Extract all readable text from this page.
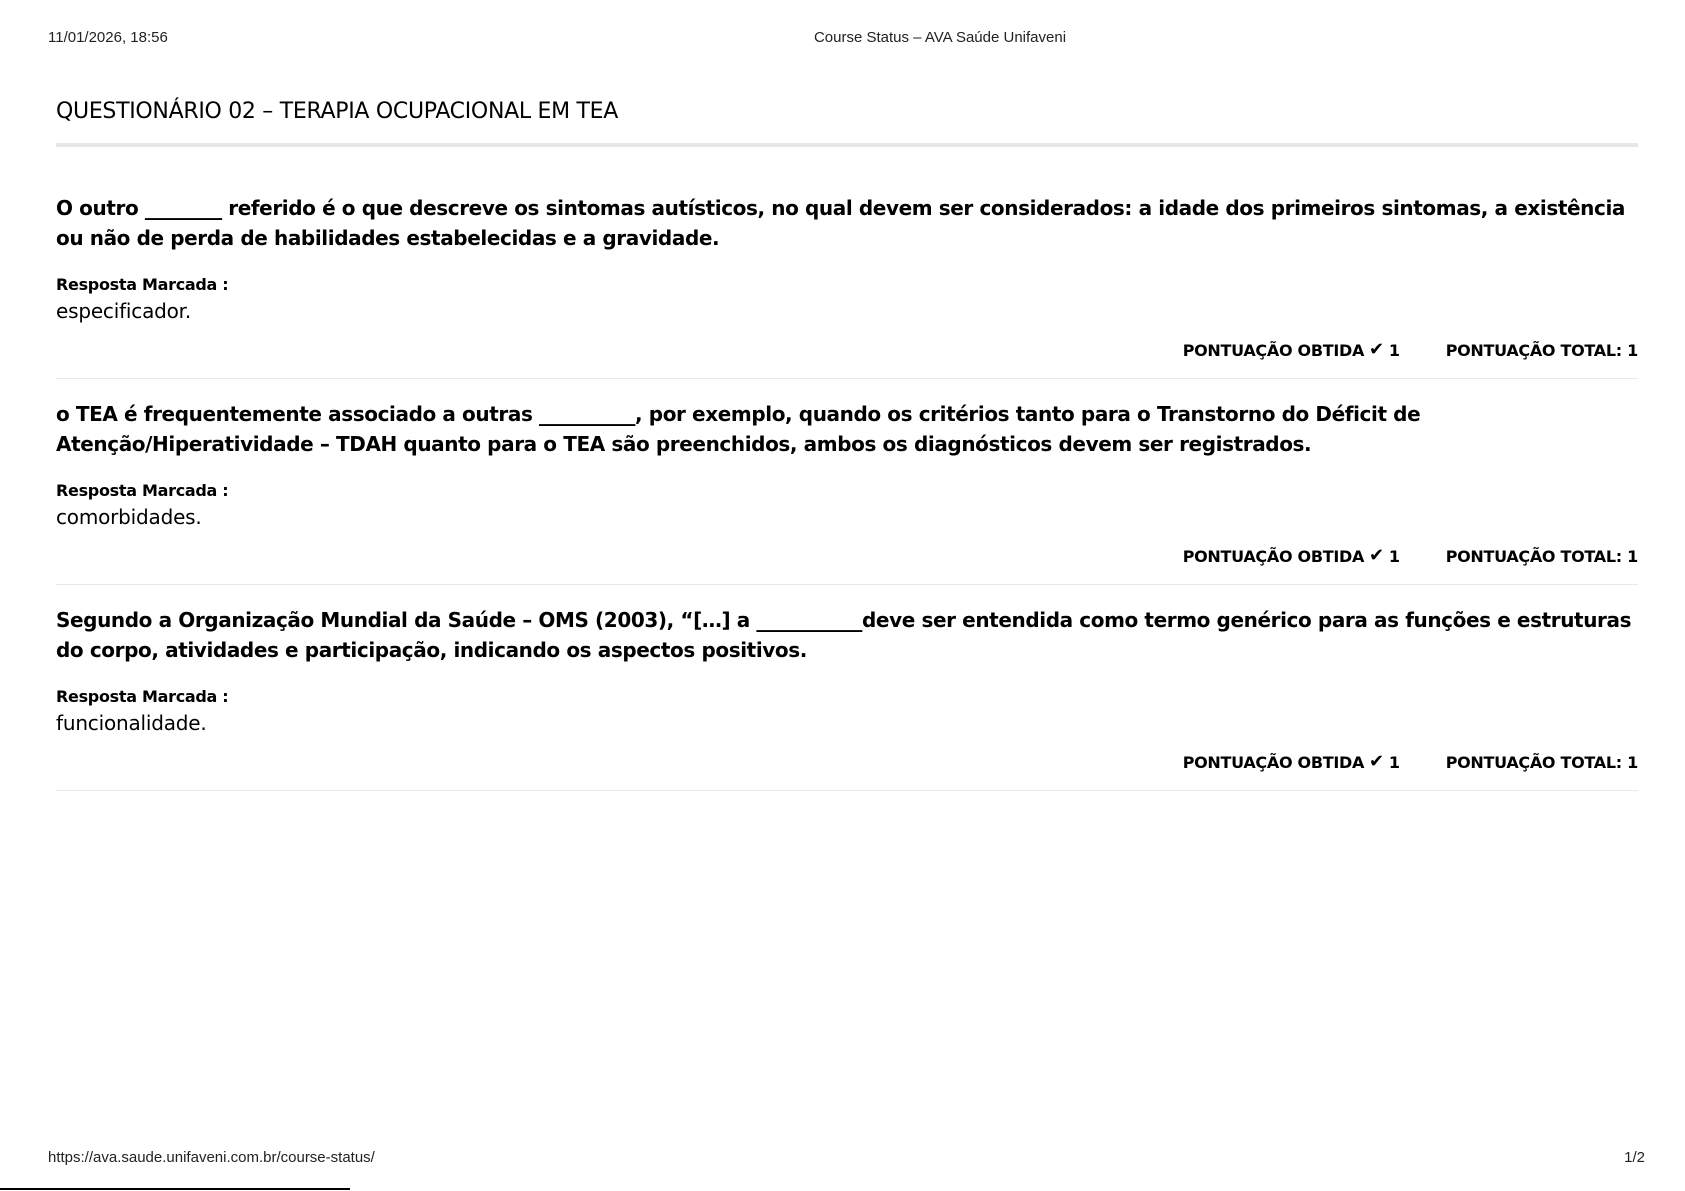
11/01/2026, 18:56	Course Status – AVA Saúde Unifaveni
QUESTIONÁRIO 02 – TERAPIA OCUPACIONAL EM TEA

O outro ________ referido é o que descreve os sintomas autísticos, no qual devem ser considerados: a idade dos primeiros sintomas, a existência ou não de perda de habilidades estabelecidas e a gravidade.

Resposta Marcada :
especificador.
PONTUAÇÃO OBTIDA ✔ 1	PONTUAÇÃO TOTAL: 1

o TEA é frequentemente associado a outras __________, por exemplo, quando os critérios tanto para o Transtorno do Déficit de Atenção/Hiperatividade – TDAH quanto para o TEA são preenchidos, ambos os diagnósticos devem ser registrados.

Resposta Marcada :
comorbidades.
PONTUAÇÃO OBTIDA ✔ 1	PONTUAÇÃO TOTAL: 1

Segundo a Organização Mundial da Saúde – OMS (2003), “[…] a ___________deve ser entendida como termo genérico para as funções e estruturas do corpo, atividades e participação, indicando os aspectos positivos.

Resposta Marcada :
funcionalidade.
PONTUAÇÃO OBTIDA ✔ 1	PONTUAÇÃO TOTAL: 1
https://ava.saude.unifaveni.com.br/course-status/	1/2
